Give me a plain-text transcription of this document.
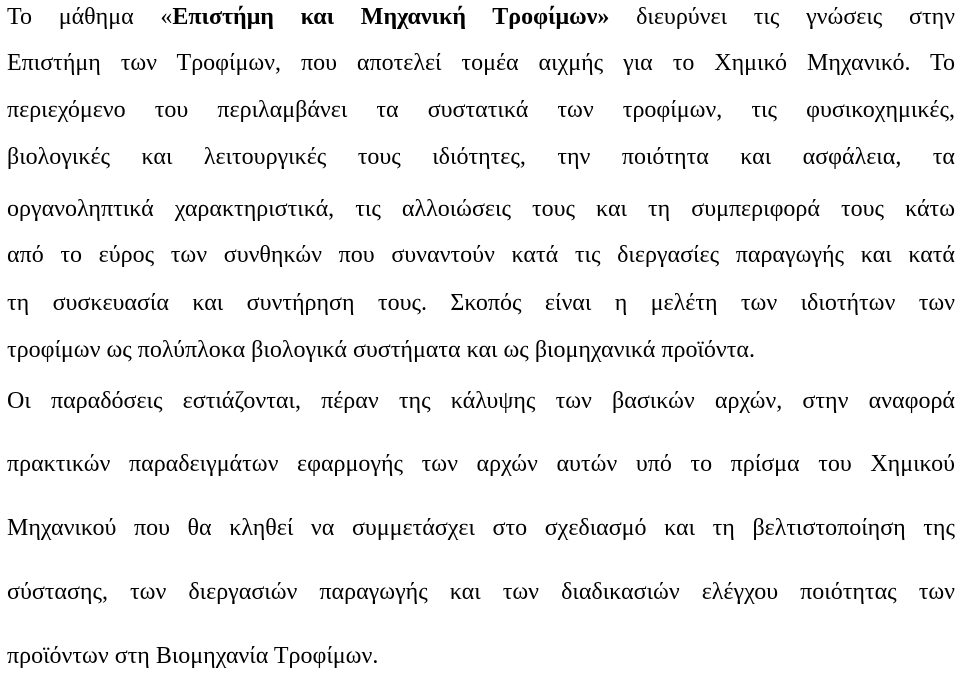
Το μάθημα «Επιστήμη και Μηχανική Τροφίμων» διευρύνει τις γνώσεις στην
Επιστήμη των Τροφίμων, που αποτελεί τομέα αιχμής για το Χημικό Μηχανικό. Το
περιεχόμενο του περιλαμβάνει τα συστατικά των τροφίμων, τις φυσικοχημικές,
βιολογικές και λειτουργικές τους ιδιότητες, την ποιότητα και ασφάλεια, τα
οργανοληπτικά χαρακτηριστικά, τις αλλοιώσεις τους και τη συμπεριφορά τους κάτω
από το εύρος των συνθηκών που συναντούν κατά τις διεργασίες παραγωγής και κατά
τη συσκευασία και συντήρηση τους. Σκοπός είναι η μελέτη των ιδιοτήτων των
τροφίμων ως πολύπλοκα βιολογικά συστήματα και ως βιομηχανικά προϊόντα.
Οι παραδόσεις εστιάζονται, πέραν της κάλυψης των βασικών αρχών, στην αναφορά
πρακτικών παραδειγμάτων εφαρμογής των αρχών αυτών υπό το πρίσμα του Χημικού
Μηχανικού που θα κληθεί να συμμετάσχει στο σχεδιασμό και τη βελτιστοποίηση της
σύστασης, των διεργασιών παραγωγής και των διαδικασιών ελέγχου ποιότητας των
προϊόντων στη Βιομηχανία Τροφίμων.
